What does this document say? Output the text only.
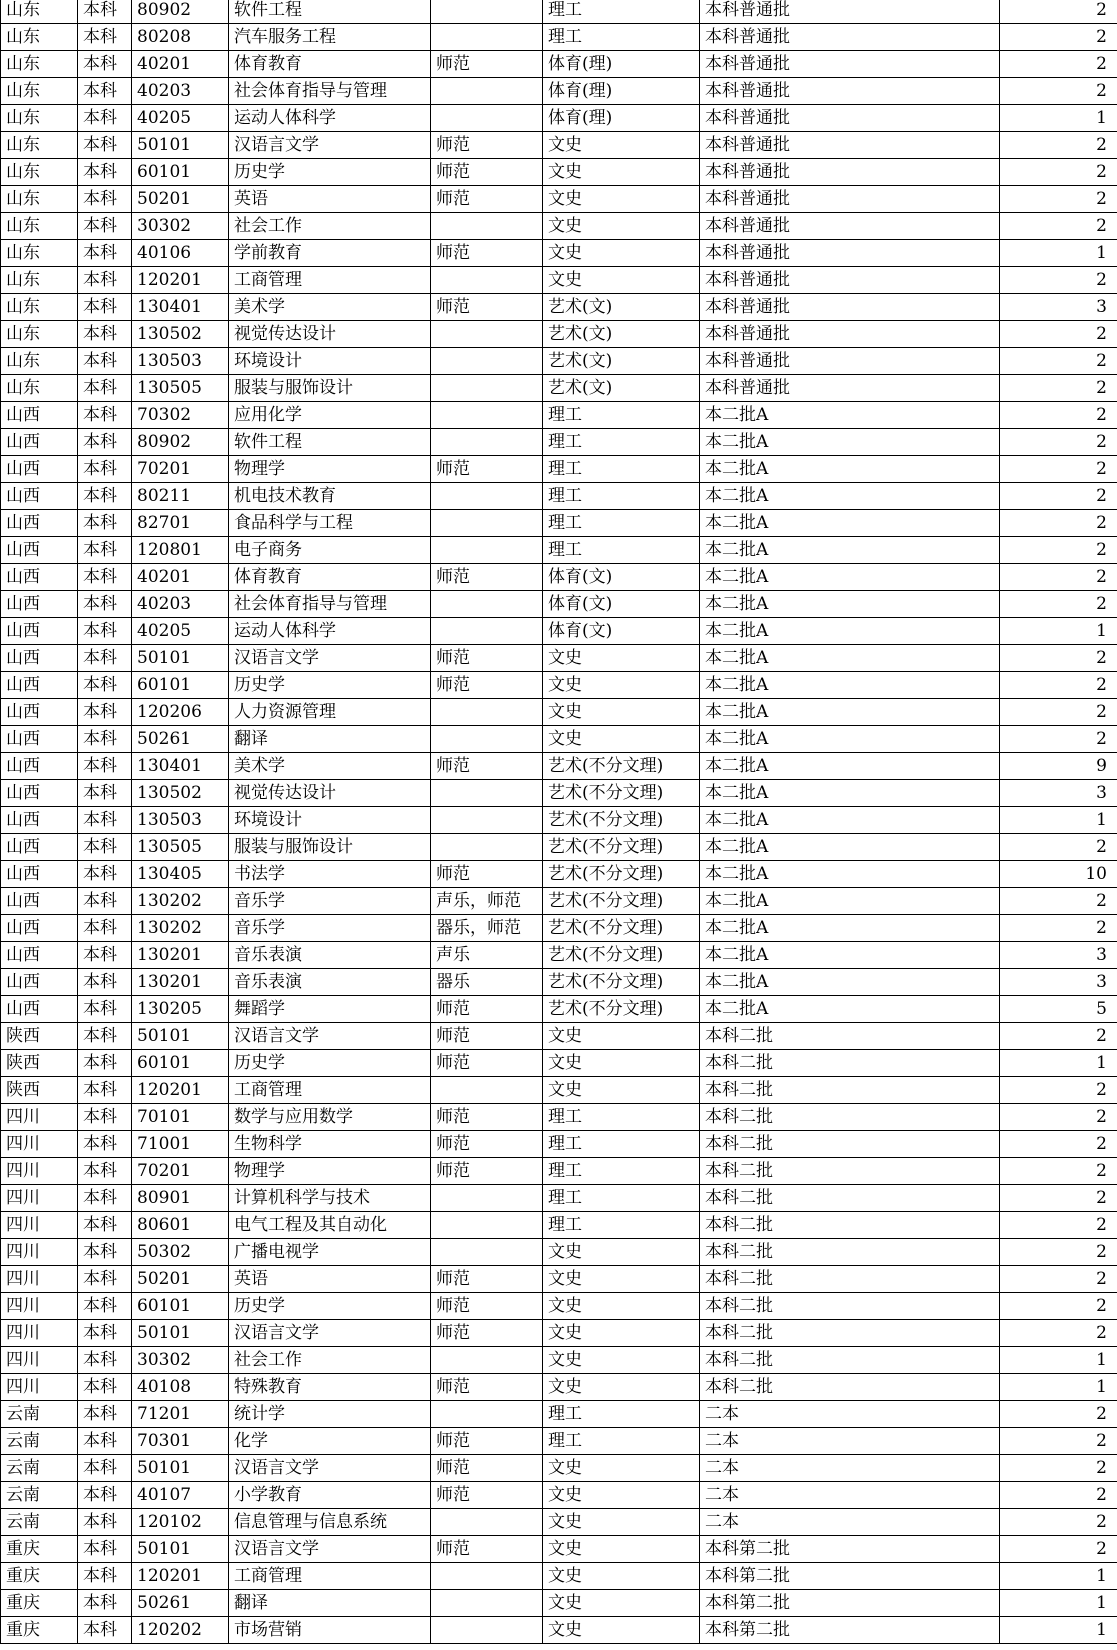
山东	本科	80902	软件工程		理工	本科普通批	2
山东	本科	80208	汽车服务工程		理工	本科普通批	2
山东	本科	40201	体育教育	师范	体育(理)	本科普通批	2
山东	本科	40203	社会体育指导与管理		体育(理)	本科普通批	2
山东	本科	40205	运动人体科学		体育(理)	本科普通批	1
山东	本科	50101	汉语言文学	师范	文史	本科普通批	2
山东	本科	60101	历史学	师范	文史	本科普通批	2
山东	本科	50201	英语	师范	文史	本科普通批	2
山东	本科	30302	社会工作		文史	本科普通批	2
山东	本科	40106	学前教育	师范	文史	本科普通批	1
山东	本科	120201	工商管理		文史	本科普通批	2
山东	本科	130401	美术学	师范	艺术(文)	本科普通批	3
山东	本科	130502	视觉传达设计		艺术(文)	本科普通批	2
山东	本科	130503	环境设计		艺术(文)	本科普通批	2
山东	本科	130505	服装与服饰设计		艺术(文)	本科普通批	2
山西	本科	70302	应用化学		理工	本二批A	2
山西	本科	80902	软件工程		理工	本二批A	2
山西	本科	70201	物理学	师范	理工	本二批A	2
山西	本科	80211	机电技术教育		理工	本二批A	2
山西	本科	82701	食品科学与工程		理工	本二批A	2
山西	本科	120801	电子商务		理工	本二批A	2
山西	本科	40201	体育教育	师范	体育(文)	本二批A	2
山西	本科	40203	社会体育指导与管理		体育(文)	本二批A	2
山西	本科	40205	运动人体科学		体育(文)	本二批A	1
山西	本科	50101	汉语言文学	师范	文史	本二批A	2
山西	本科	60101	历史学	师范	文史	本二批A	2
山西	本科	120206	人力资源管理		文史	本二批A	2
山西	本科	50261	翻译		文史	本二批A	2
山西	本科	130401	美术学	师范	艺术(不分文理)	本二批A	9
山西	本科	130502	视觉传达设计		艺术(不分文理)	本二批A	3
山西	本科	130503	环境设计		艺术(不分文理)	本二批A	1
山西	本科	130505	服装与服饰设计		艺术(不分文理)	本二批A	2
山西	本科	130405	书法学	师范	艺术(不分文理)	本二批A	10
山西	本科	130202	音乐学	声乐，师范	艺术(不分文理)	本二批A	2
山西	本科	130202	音乐学	器乐，师范	艺术(不分文理)	本二批A	2
山西	本科	130201	音乐表演	声乐	艺术(不分文理)	本二批A	3
山西	本科	130201	音乐表演	器乐	艺术(不分文理)	本二批A	3
山西	本科	130205	舞蹈学	师范	艺术(不分文理)	本二批A	5
陕西	本科	50101	汉语言文学	师范	文史	本科二批	2
陕西	本科	60101	历史学	师范	文史	本科二批	1
陕西	本科	120201	工商管理		文史	本科二批	2
四川	本科	70101	数学与应用数学	师范	理工	本科二批	2
四川	本科	71001	生物科学	师范	理工	本科二批	2
四川	本科	70201	物理学	师范	理工	本科二批	2
四川	本科	80901	计算机科学与技术		理工	本科二批	2
四川	本科	80601	电气工程及其自动化		理工	本科二批	2
四川	本科	50302	广播电视学		文史	本科二批	2
四川	本科	50201	英语	师范	文史	本科二批	2
四川	本科	60101	历史学	师范	文史	本科二批	2
四川	本科	50101	汉语言文学	师范	文史	本科二批	2
四川	本科	30302	社会工作		文史	本科二批	1
四川	本科	40108	特殊教育	师范	文史	本科二批	1
云南	本科	71201	统计学		理工	二本	2
云南	本科	70301	化学	师范	理工	二本	2
云南	本科	50101	汉语言文学	师范	文史	二本	2
云南	本科	40107	小学教育	师范	文史	二本	2
云南	本科	120102	信息管理与信息系统		文史	二本	2
重庆	本科	50101	汉语言文学	师范	文史	本科第二批	2
重庆	本科	120201	工商管理		文史	本科第二批	1
重庆	本科	50261	翻译		文史	本科第二批	1
重庆	本科	120202	市场营销		文史	本科第二批	1
